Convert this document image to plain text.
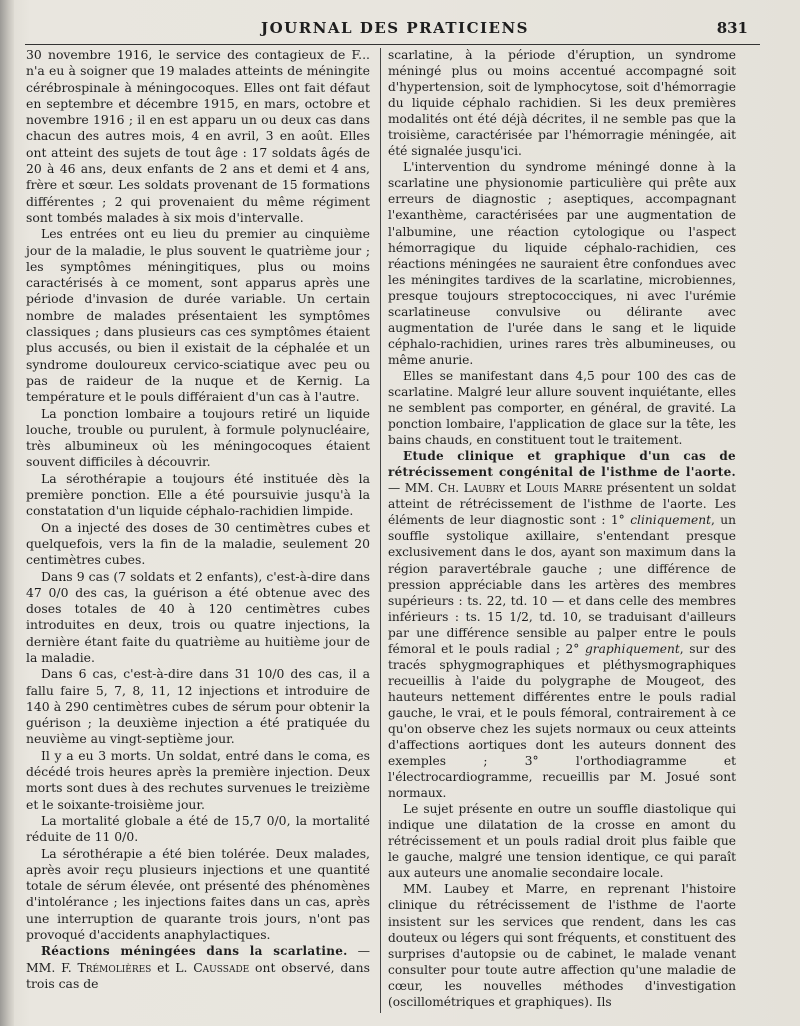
JOURNAL DES PRATICIENS	831

30 novembre 1916, le service des contagieux de F... n'a eu à soigner que 19 malades atteints de méningite cérébrospinale à méningocoques. Elles ont fait défaut en septembre et décembre 1915, en mars, octobre et novembre 1916 ; il en est apparu un ou deux cas dans chacun des autres mois, 4 en avril, 3 en août. Elles ont atteint des sujets de tout âge : 17 soldats âgés de 20 à 46 ans, deux enfants de 2 ans et demi et 4 ans, frère et sœur. Les soldats provenant de 15 formations différentes ; 2 qui provenaient du même régiment sont tombés malades à six mois d'intervalle.

Les entrées ont eu lieu du premier au cinquième jour de la maladie, le plus souvent le quatrième jour ; les symptômes méningitiques, plus ou moins caractérisés à ce moment, sont apparus après une période d'invasion de durée variable. Un certain nombre de malades présentaient les symptômes classiques ; dans plusieurs cas ces symptômes étaient plus accusés, ou bien il existait de la céphalée et un syndrome douloureux cervico-sciatique avec peu ou pas de raideur de la nuque et de Kernig. La température et le pouls différaient d'un cas à l'autre.

La ponction lombaire a toujours retiré un liquide louche, trouble ou purulent, à formule polynucléaire, très albumineux où les méningocoques étaient souvent difficiles à découvrir.

La sérothérapie a toujours été instituée dès la première ponction. Elle a été poursuivie jusqu'à la constatation d'un liquide céphalo-rachidien limpide.

On a injecté des doses de 30 centimètres cubes et quelquefois, vers la fin de la maladie, seulement 20 centimètres cubes.

Dans 9 cas (7 soldats et 2 enfants), c'est-à-dire dans 47 0/0 des cas, la guérison a été obtenue avec des doses totales de 40 à 120 centimètres cubes introduites en deux, trois ou quatre injections, la dernière étant faite du quatrième au huitième jour de la maladie.

Dans 6 cas, c'est-à-dire dans 31 10/0 des cas, il a fallu faire 5, 7, 8, 11, 12 injections et introduire de 140 à 290 centimètres cubes de sérum pour obtenir la guérison ; la deuxième injection a été pratiquée du neuvième au vingt-septième jour.

Il y a eu 3 morts. Un soldat, entré dans le coma, es décédé trois heures après la première injection. Deux morts sont dues à des rechutes survenues le treizième et le soixante-troisième jour.

La mortalité globale a été de 15,7 0/0, la mortalité réduite de 11 0/0.

La sérothérapie a été bien tolérée. Deux malades, après avoir reçu plusieurs injections et une quantité totale de sérum élevée, ont présenté des phénomènes d'intolérance ; les injections faites dans un cas, après une interruption de quarante trois jours, n'ont pas provoqué d'accidents anaphylactiques.

Réactions méningées dans la scarlatine. — MM. F. Trémolières et L. Caussade ont observé, dans trois cas de

scarlatine, à la période d'éruption, un syndrome méningé plus ou moins accentué accompagné soit d'hypertension, soit de lymphocytose, soit d'hémorragie du liquide céphalo rachidien. Si les deux premières modalités ont été déjà décrites, il ne semble pas que la troisième, caractérisée par l'hémorragie méningée, ait été signalée jusqu'ici.

L'intervention du syndrome méningé donne à la scarlatine une physionomie particulière qui prête aux erreurs de diagnostic ; aseptiques, accompagnant l'exanthème, caractérisées par une augmentation de l'albumine, une réaction cytologique ou l'aspect hémorragique du liquide céphalo-rachidien, ces réactions méningées ne sauraient être confondues avec les méningites tardives de la scarlatine, microbiennes, presque toujours streptococciques, ni avec l'urémie scarlatineuse convulsive ou délirante avec augmentation de l'urée dans le sang et le liquide céphalo-rachidien, urines rares très albumineuses, ou même anurie.

Elles se manifestant dans 4,5 pour 100 des cas de scarlatine. Malgré leur allure souvent inquiétante, elles ne semblent pas comporter, en général, de gravité. La ponction lombaire, l'application de glace sur la tête, les bains chauds, en constituent tout le traitement.

Etude clinique et graphique d'un cas de rétrécissement congénital de l'isthme de l'aorte. — MM. Ch. Laubry et Louis Marre présentent un soldat atteint de rétrécissement de l'isthme de l'aorte. Les éléments de leur diagnostic sont : 1° cliniquement, un souffle systolique axillaire, s'entendant presque exclusivement dans le dos, ayant son maximum dans la région paravertébrale gauche ; une différence de pression appréciable dans les artères des membres supérieurs : ts. 22, td. 10 — et dans celle des membres inférieurs : ts. 15 1/2, td. 10, se traduisant d'ailleurs par une différence sensible au palper entre le pouls fémoral et le pouls radial ; 2° graphiquement, sur des tracés sphygmographiques et pléthysmographiques recueillis à l'aide du polygraphe de Mougeot, des hauteurs nettement différentes entre le pouls radial gauche, le vrai, et le pouls fémoral, contrairement à ce qu'on observe chez les sujets normaux ou ceux atteints d'affections aortiques dont les auteurs donnent des exemples ; 3° l'orthodiagramme et l'électrocardiogramme, recueillis par M. Josué sont normaux.

Le sujet présente en outre un souffle diastolique qui indique une dilatation de la crosse en amont du rétrécissement et un pouls radial droit plus faible que le gauche, malgré une tension identique, ce qui paraît aux auteurs une anomalie secondaire locale.

MM. Laubey et Marre, en reprenant l'histoire clinique du rétrécissement de l'isthme de l'aorte insistent sur les services que rendent, dans les cas douteux ou légers qui sont fréquents, et constituent des surprises d'autopsie ou de cabinet, le malade venant consulter pour toute autre affection qu'une maladie de cœur, les nouvelles méthodes d'investigation (oscillométriques et graphiques). Ils
